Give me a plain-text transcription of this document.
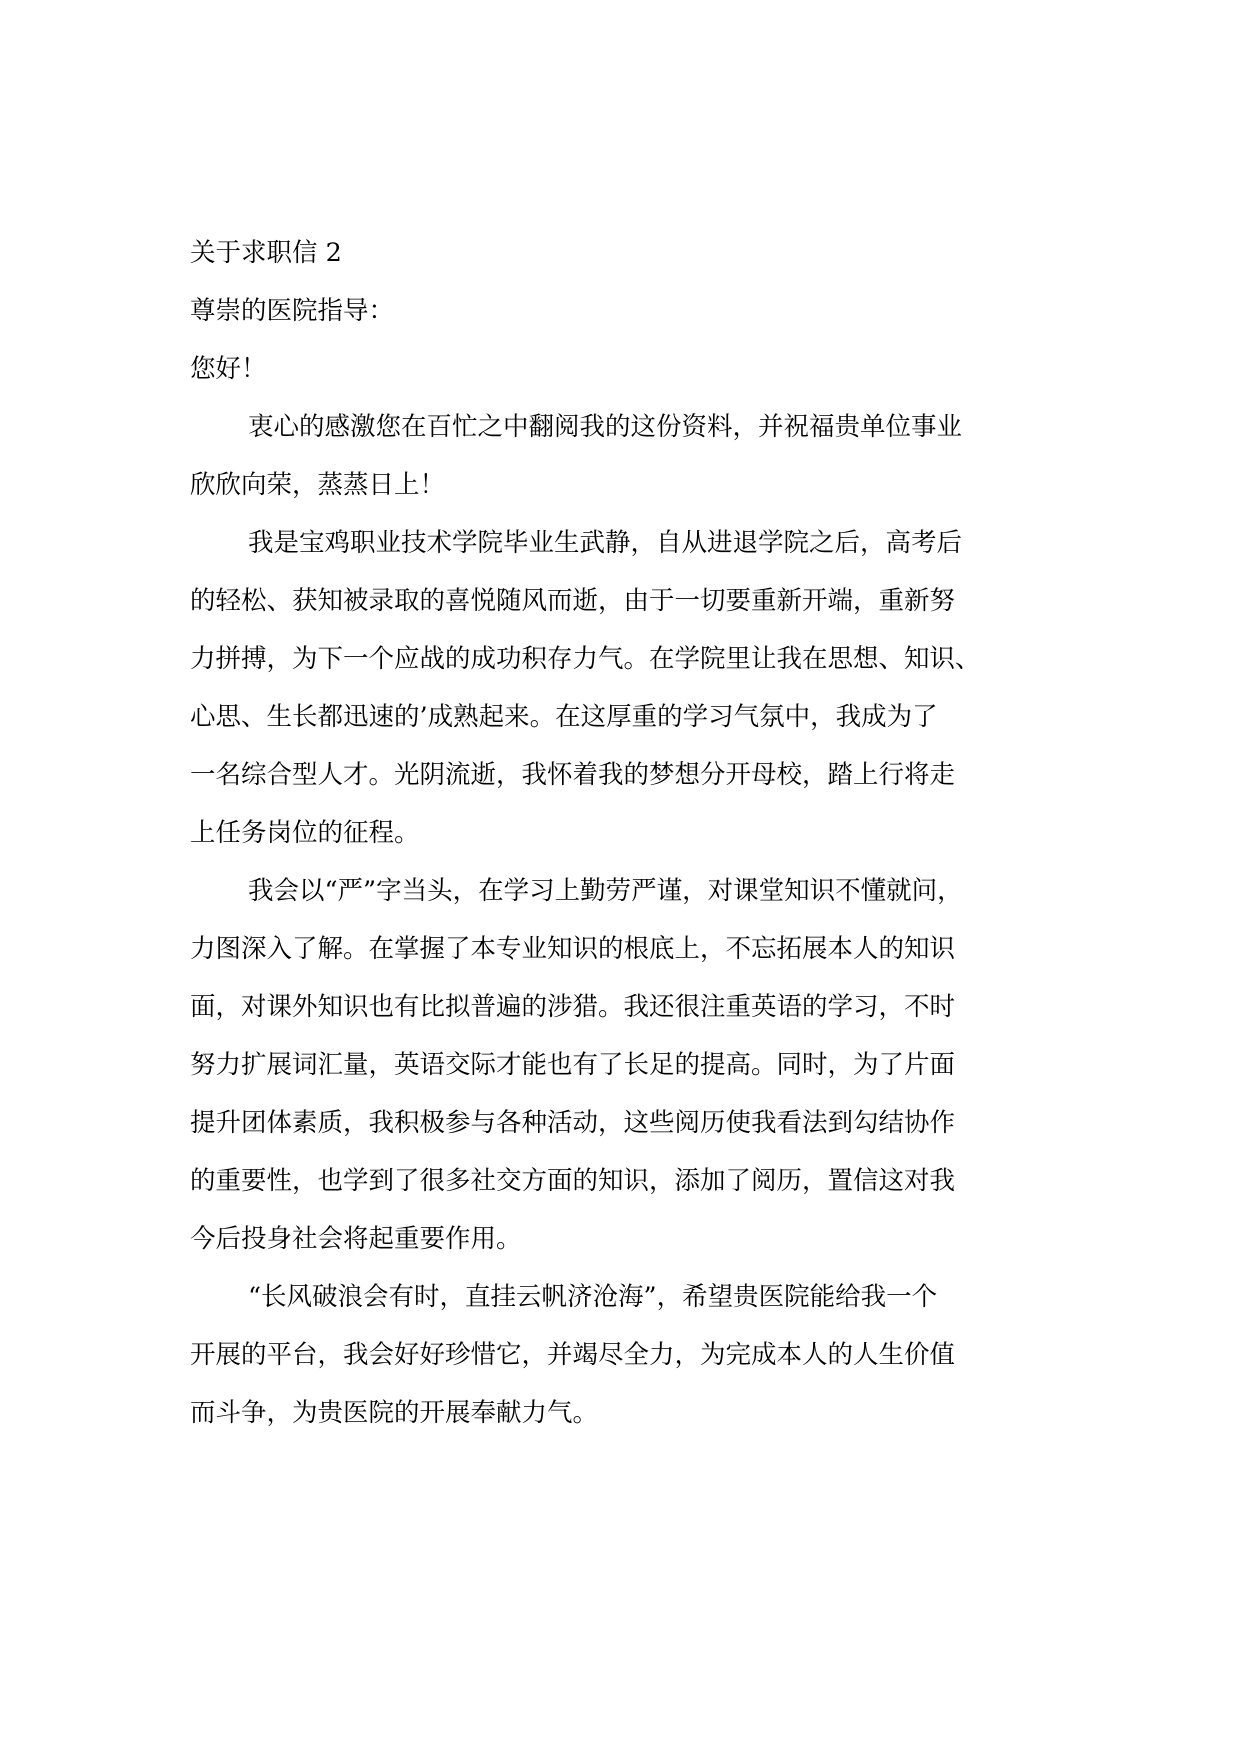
关于求职信 2

尊崇的医院指导：

您好！

衷心的感激您在百忙之中翻阅我的这份资料，并祝福贵单位事业
欣欣向荣，蒸蒸日上！
我是宝鸡职业技术学院毕业生武静，自从进退学院之后，高考后
的轻松、获知被录取的喜悦随风而逝，由于一切要重新开端，重新努
力拼搏，为下一个应战的成功积存力气。在学院里让我在思想、知识、
心思、生长都迅速的’成熟起来。在这厚重的学习气氛中，我成为了
一名综合型人才。光阴流逝，我怀着我的梦想分开母校，踏上行将走
上任务岗位的征程。
我会以“严”字当头，在学习上勤劳严谨，对课堂知识不懂就问，
力图深入了解。在掌握了本专业知识的根底上，不忘拓展本人的知识
面，对课外知识也有比拟普遍的涉猎。我还很注重英语的学习，不时
努力扩展词汇量，英语交际才能也有了长足的提高。同时，为了片面
提升团体素质，我积极参与各种活动，这些阅历使我看法到勾结协作
的重要性，也学到了很多社交方面的知识，添加了阅历，置信这对我
今后投身社会将起重要作用。
“长风破浪会有时，直挂云帆济沧海”，希望贵医院能给我一个
开展的平台，我会好好珍惜它，并竭尽全力，为完成本人的人生价值
而斗争，为贵医院的开展奉献力气。
